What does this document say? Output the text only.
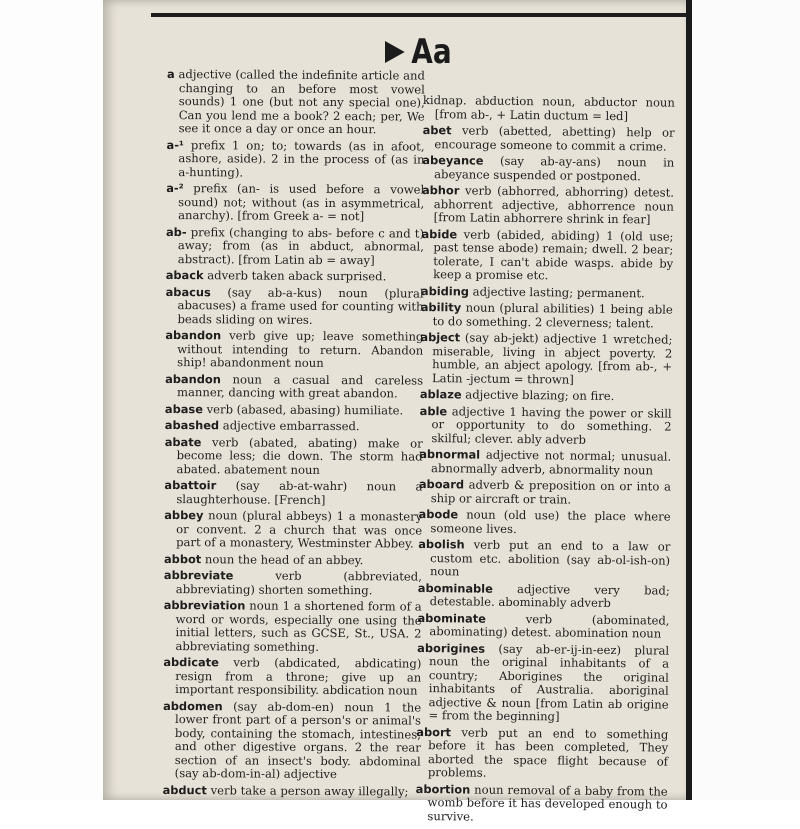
Aa

a adjective (called the indefinite article and changing to an before most vowel sounds) 1 one (but not any special one), Can you lend me a book? 2 each; per, We see it once a day or once an hour.

a-¹ prefix 1 on; to; towards (as in afoot, ashore, aside). 2 in the process of (as in a-hunting).

a-² prefix (an- is used before a vowel sound) not; without (as in asymmetrical, anarchy). [from Greek a- = not]

ab- prefix (changing to abs- before c and t) away; from (as in abduct, abnormal, abstract). [from Latin ab = away]

aback adverb taken aback surprised.

abacus (say ab-a-kus) noun (plural abacuses) a frame used for counting with beads sliding on wires.

abandon verb give up; leave something without intending to return. Abandon ship! abandonment noun

abandon noun a casual and careless manner, dancing with great abandon.

abase verb (abased, abasing) humiliate.

abashed adjective embarrassed.

abate verb (abated, abating) make or become less; die down. The storm had abated. abatement noun

abattoir (say ab-at-wahr) noun a slaughterhouse. [French]

abbey noun (plural abbeys) 1 a monastery or convent. 2 a church that was once part of a monastery, Westminster Abbey.

abbot noun the head of an abbey.

abbreviate	verb (abbreviated, abbreviating) shorten something.

abbreviation noun 1 a shortened form of a word or words, especially one using the initial letters, such as GCSE, St., USA. 2 abbreviating something.

abdicate verb (abdicated, abdicating) resign from a throne; give up an important responsibility. abdication noun

abdomen (say ab-dom-en) noun 1 the lower front part of a person's or animal's body, containing the stomach, intestines, and other digestive organs. 2 the rear section of an insect's body. abdominal (say ab-dom-in-al) adjective

abduct verb take a person away illegally;

kidnap. abduction noun, abductor noun [from ab-, + Latin ductum = led]

abet verb (abetted, abetting) help or encourage someone to commit a crime.

abeyance (say ab-ay-ans) noun in abeyance suspended or postponed.

abhor verb (abhorred, abhorring) detest. abhorrent adjective, abhorrence noun [from Latin abhorrere shrink in fear]

abide verb (abided, abiding) 1 (old use; past tense abode) remain; dwell. 2 bear; tolerate, I can't abide wasps. abide by keep a promise etc.

abiding adjective lasting; permanent.

ability noun (plural abilities) 1 being able to do something. 2 cleverness; talent.

abject (say ab-jekt) adjective 1 wretched; miserable, living in abject poverty. 2 humble, an abject apology. [from ab-, + Latin -jectum = thrown]

ablaze adjective blazing; on fire.

able adjective 1 having the power or skill or opportunity to do something. 2 skilful; clever. ably adverb

abnormal adjective not normal; unusual. abnormally adverb, abnormality noun

aboard adverb & preposition on or into a ship or aircraft or train.

abode noun (old use) the place where someone lives.

abolish verb put an end to a law or custom etc. abolition (say ab-ol-ish-on) noun

abominable adjective very bad; detestable. abominably adverb

abominate	verb (abominated, abominating) detest. abomination noun

aborigines (say ab-er-ij-in-eez) plural noun the original inhabitants of a country; Aborigines the original inhabitants of Australia. aboriginal adjective & noun [from Latin ab origine = from the beginning]

abort verb put an end to something before it has been completed, They aborted the space flight because of problems.

abortion noun removal of a baby from the womb before it has developed enough to survive.
